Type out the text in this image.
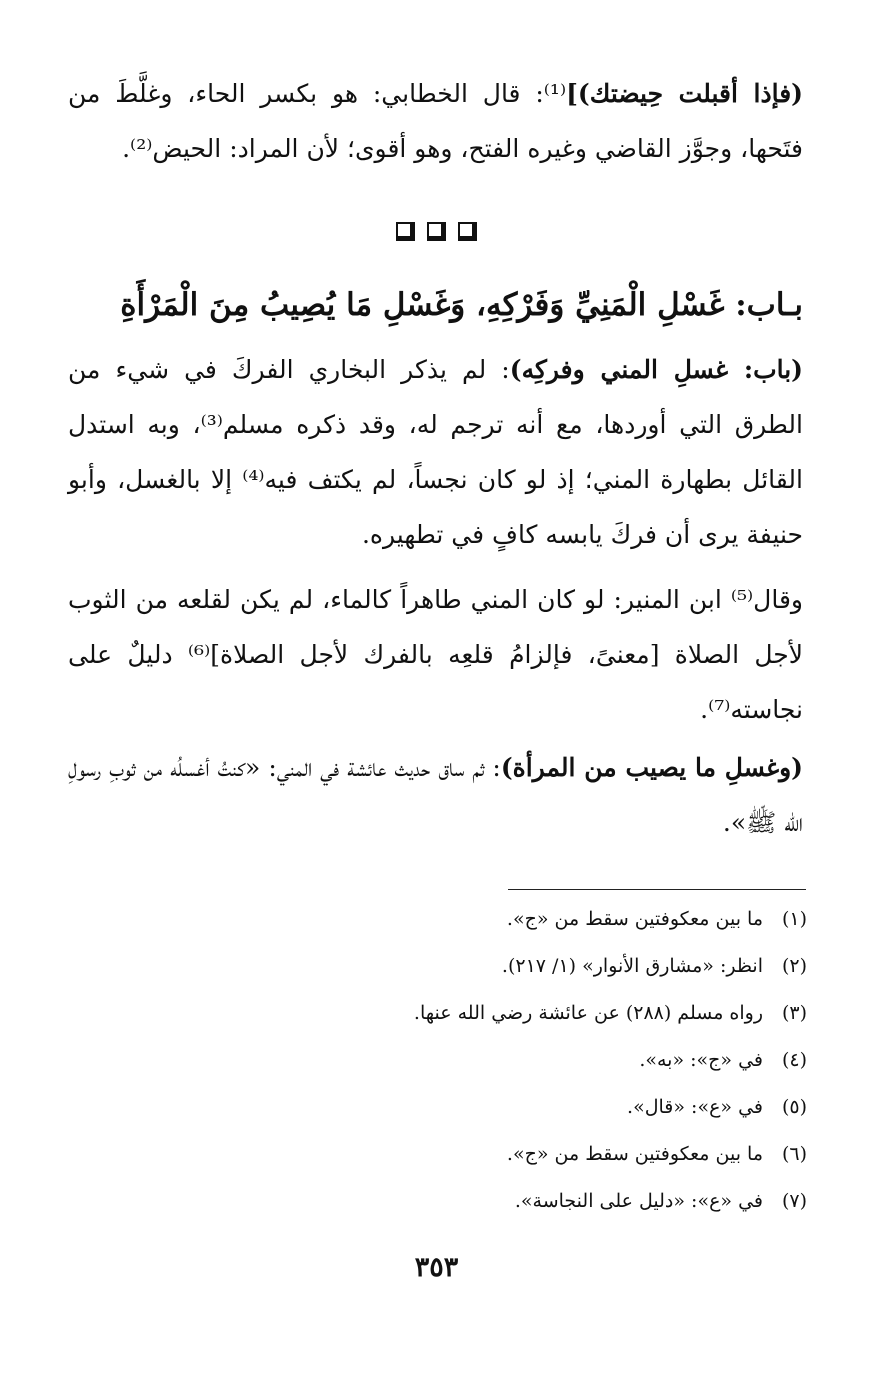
(فإذا أقبلت حِيضتك)]⁽¹⁾: قال الخطابي: هو بكسر الحاء، وغلَّطَ من فتَحها، وجوَّز القاضي وغيره الفتح، وهو أقوى؛ لأن المراد: الحيض⁽²⁾.

بـاب: غَسْلِ الْمَنِيِّ وَفَرْكِهِ، وَغَسْلِ مَا يُصِيبُ مِنَ الْمَرْأَةِ

(باب: غسلِ المني وفركِه): لم يذكر البخاري الفركَ في شيء من الطرق التي أوردها، مع أنه ترجم له، وقد ذكره مسلم⁽³⁾، وبه استدل القائل بطهارة المني؛ إذ لو كان نجساً، لم يكتف فيه⁽⁴⁾ إلا بالغسل، وأبو حنيفة يرى أن فركَ يابسه كافٍ في تطهيره.

وقال⁽⁵⁾ ابن المنير: لو كان المني طاهراً كالماء، لم يكن لقلعه من الثوب لأجل الصلاة [معنىً، فإلزامُ قلعِه بالفرك لأجل الصلاة]⁽⁶⁾ دليلٌ على نجاسته⁽⁷⁾.

(وغسلِ ما يصيب من المرأة): ثم ساق حديث عائشة في المني: «كنتُ أغسلُه من ثوبِ رسولِ الله ﷺ».

(١)ما بين معكوفتين سقط من «ج».
(٢)انظر: «مشارق الأنوار» (١/ ٢١٧).
(٣)رواه مسلم (٢٨٨) عن عائشة رضي الله عنها.
(٤)في «ج»: «به».
(٥)في «ع»: «قال».
(٦)ما بين معكوفتين سقط من «ج».
(٧)في «ع»: «دليل على النجاسة».
٣٥٣
